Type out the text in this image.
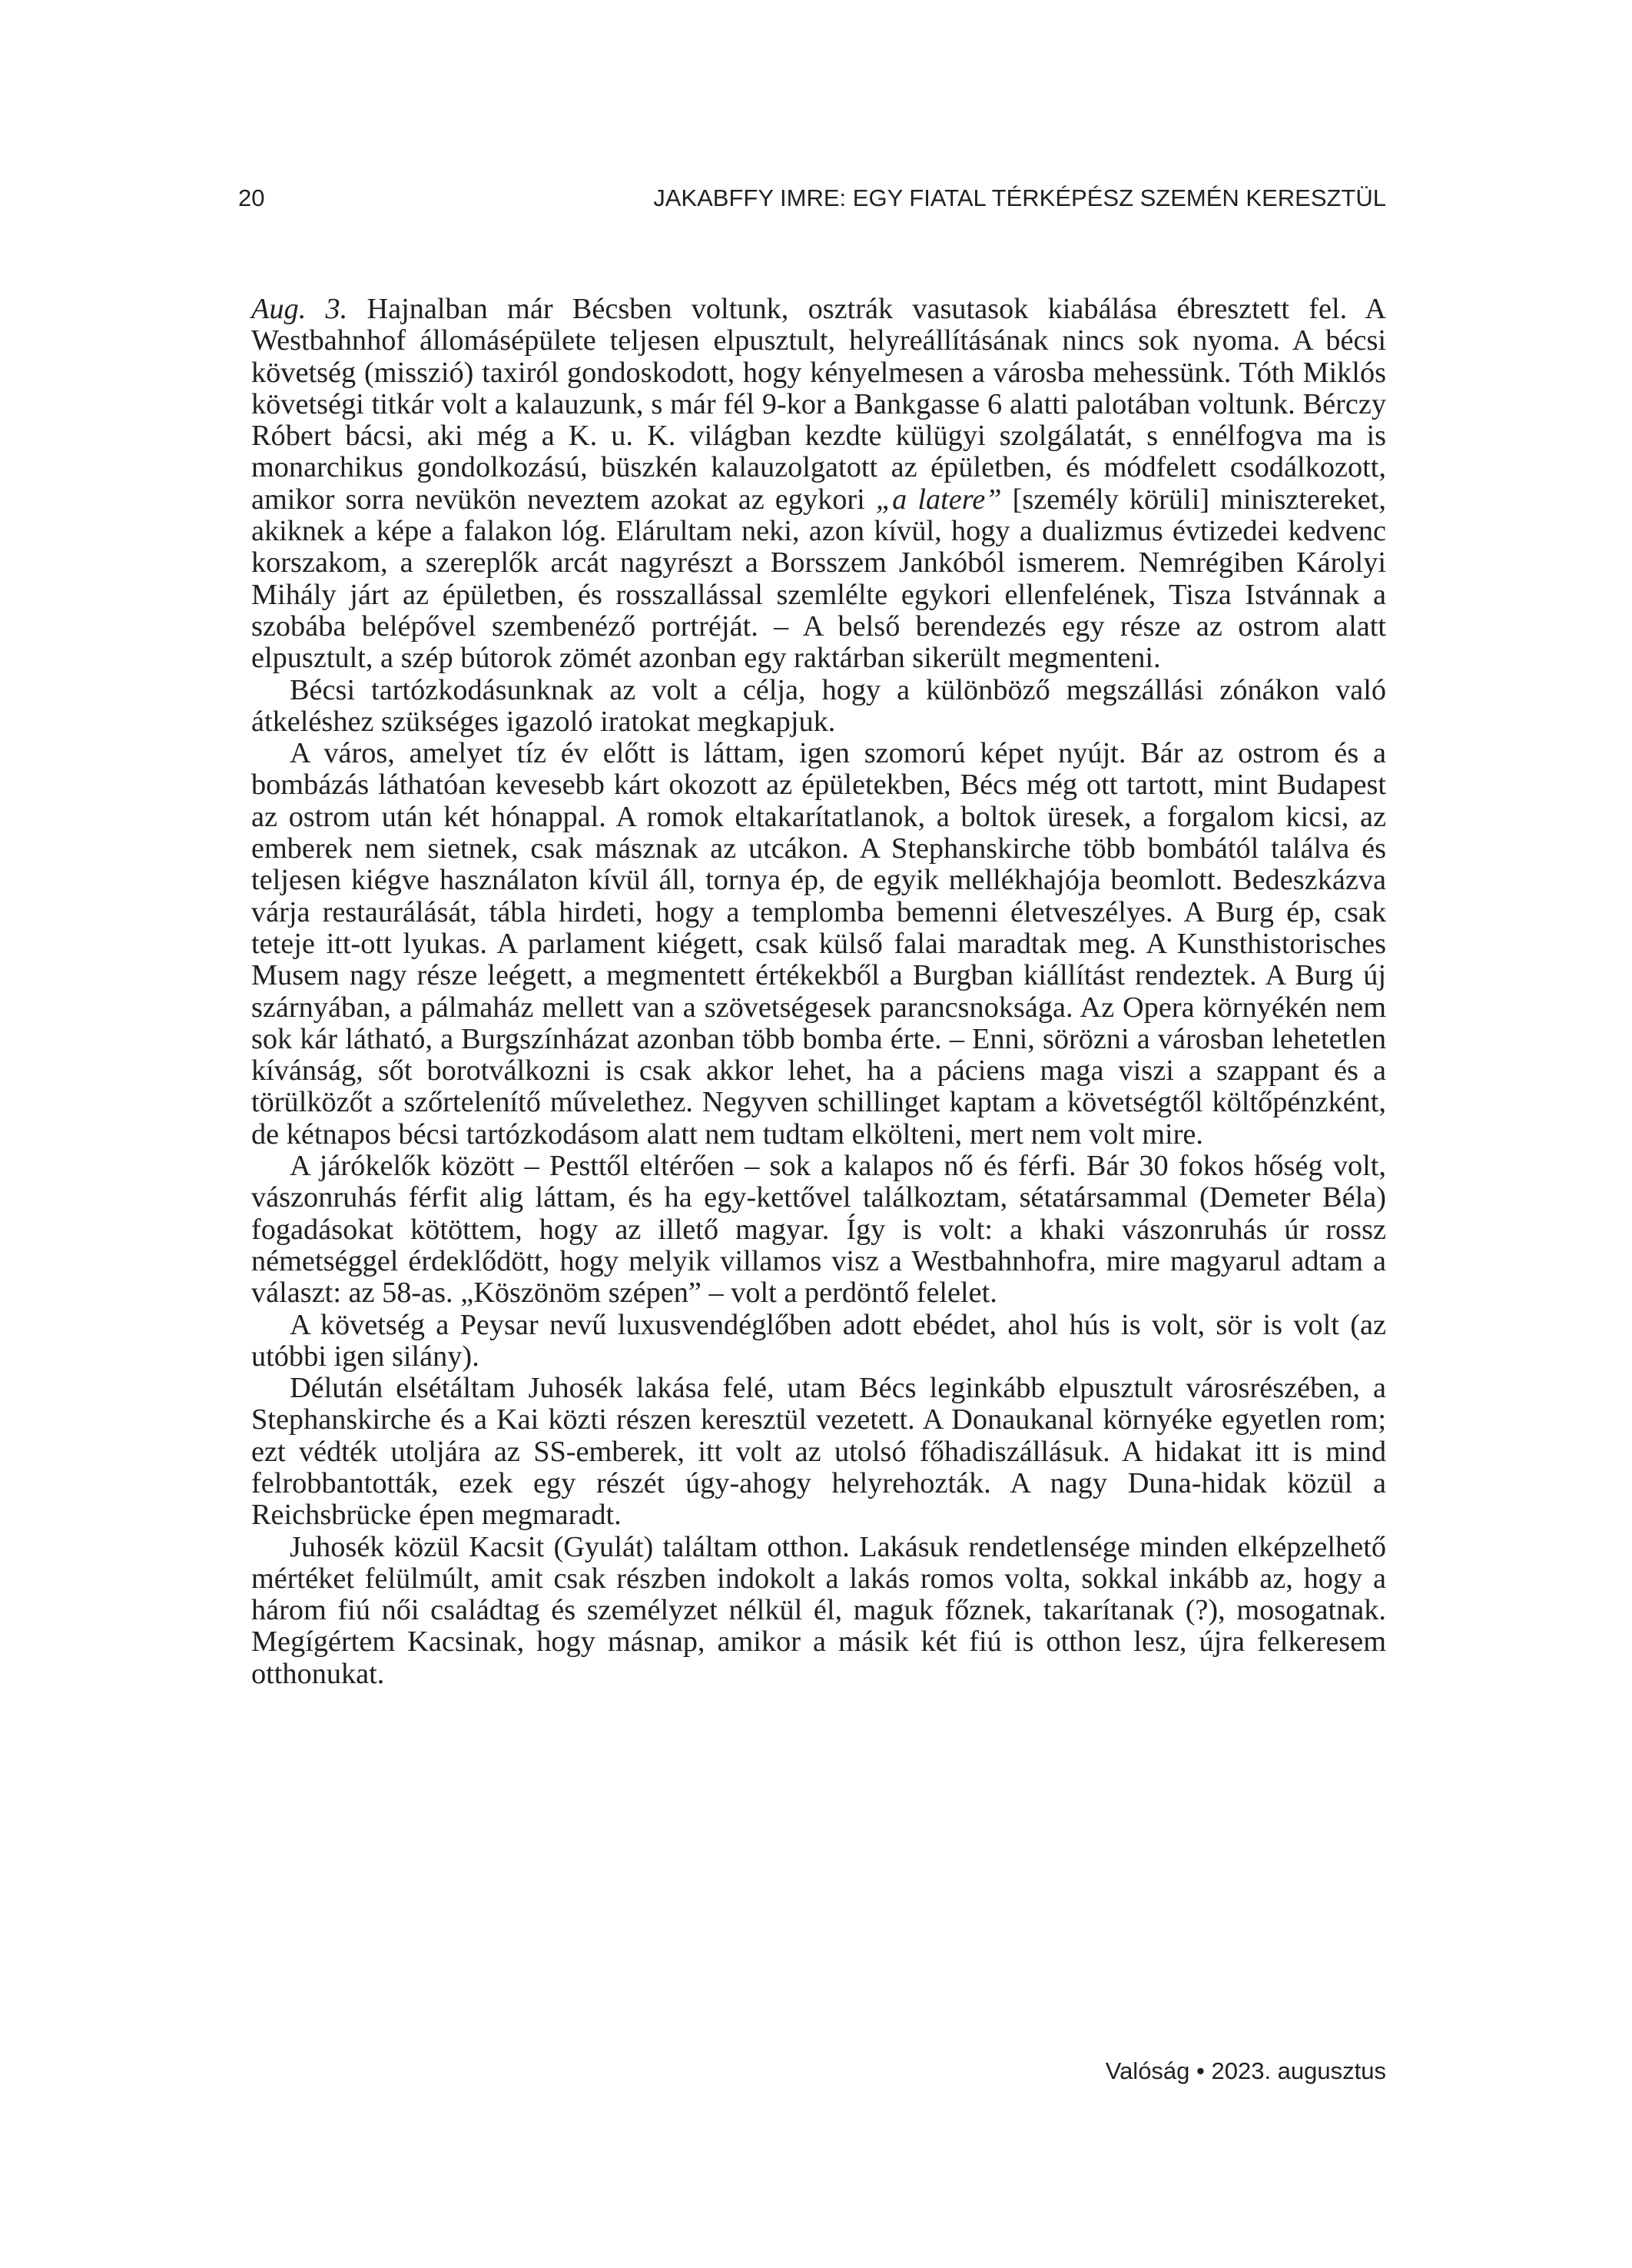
20	JAKABFFY IMRE: EGY FIATAL TÉRKÉPÉSZ SZEMÉN KERESZTÜL

Aug. 3. Hajnalban már Bécsben voltunk, osztrák vasutasok kiabálása ébresztett fel. A Westbahnhof állomásépülete teljesen elpusztult, helyreállításának nincs sok nyoma. A bécsi követség (misszió) taxiról gondoskodott, hogy kényelmesen a városba mehessünk. Tóth Miklós követségi titkár volt a kalauzunk, s már fél 9-kor a Bankgasse 6 alatti palotában voltunk. Bérczy Róbert bácsi, aki még a K. u. K. világban kezdte külügyi szolgálatát, s ennélfogva ma is monarchikus gondolkozású, büszkén kalauzolgatott az épületben, és módfelett csodálkozott, amikor sorra nevükön neveztem azokat az egykori „a latere” [személy körüli] minisztereket, akiknek a képe a falakon lóg. Elárultam neki, azon kívül, hogy a dualizmus évtizedei kedvenc korszakom, a szereplők arcát nagyrészt a Borsszem Jankóból ismerem. Nemrégiben Károlyi Mihály járt az épületben, és rosszallással szemlélte egykori ellenfelének, Tisza Istvánnak a szobába belépővel szembenéző portréját. – A belső berendezés egy része az ostrom alatt elpusztult, a szép bútorok zömét azonban egy raktárban sikerült megmenteni.

Bécsi tartózkodásunknak az volt a célja, hogy a különböző megszállási zónákon való átkeléshez szükséges igazoló iratokat megkapjuk.

A város, amelyet tíz év előtt is láttam, igen szomorú képet nyújt. Bár az ostrom és a bombázás láthatóan kevesebb kárt okozott az épületekben, Bécs még ott tartott, mint Budapest az ostrom után két hónappal. A romok eltakarítatlanok, a boltok üresek, a forgalom kicsi, az emberek nem sietnek, csak másznak az utcákon. A Stephanskirche több bombától találva és teljesen kiégve használaton kívül áll, tornya ép, de egyik mellékhajója beomlott. Bedeszkázva várja restaurálását, tábla hirdeti, hogy a templomba bemenni életveszélyes. A Burg ép, csak teteje itt-ott lyukas. A parlament kiégett, csak külső falai maradtak meg. A Kunsthistorisches Musem nagy része leégett, a megmentett értékekből a Burgban kiállítást rendeztek. A Burg új szárnyában, a pálmaház mellett van a szövetségesek parancsnoksága. Az Opera környékén nem sok kár látható, a Burgszínházat azonban több bomba érte. – Enni, sörözni a városban lehetetlen kívánság, sőt borotválkozni is csak akkor lehet, ha a páciens maga viszi a szappant és a törülközőt a szőrtelenítő művelethez. Negyven schillinget kaptam a követségtől költőpénzként, de kétnapos bécsi tartózkodásom alatt nem tudtam elkölteni, mert nem volt mire.

A járókelők között – Pesttől eltérően – sok a kalapos nő és férfi. Bár 30 fokos hőség volt, vászonruhás férfit alig láttam, és ha egy-kettővel találkoztam, sétatársammal (Demeter Béla) fogadásokat kötöttem, hogy az illető magyar. Így is volt: a khaki vászonruhás úr rossz németséggel érdeklődött, hogy melyik villamos visz a Westbahnhofra, mire magyarul adtam a választ: az 58-as. „Köszönöm szépen” – volt a perdöntő felelet.

A követség a Peysar nevű luxusvendéglőben adott ebédet, ahol hús is volt, sör is volt (az utóbbi igen silány).

Délután elsétáltam Juhosék lakása felé, utam Bécs leginkább elpusztult városrészében, a Stephanskirche és a Kai közti részen keresztül vezetett. A Donaukanal környéke egyetlen rom; ezt védték utoljára az SS-emberek, itt volt az utolsó főhadiszállásuk. A hidakat itt is mind felrobbantották, ezek egy részét úgy-ahogy helyrehozták. A nagy Duna-hidak közül a Reichsbrücke épen megmaradt.

Juhosék közül Kacsit (Gyulát) találtam otthon. Lakásuk rendetlensége minden elképzelhető mértéket felülmúlt, amit csak részben indokolt a lakás romos volta, sokkal inkább az, hogy a három fiú női családtag és személyzet nélkül él, maguk főznek, takarítanak (?), mosogatnak. Megígértem Kacsinak, hogy másnap, amikor a másik két fiú is otthon lesz, újra felkeresem otthonukat.

Valóság • 2023. augusztus
